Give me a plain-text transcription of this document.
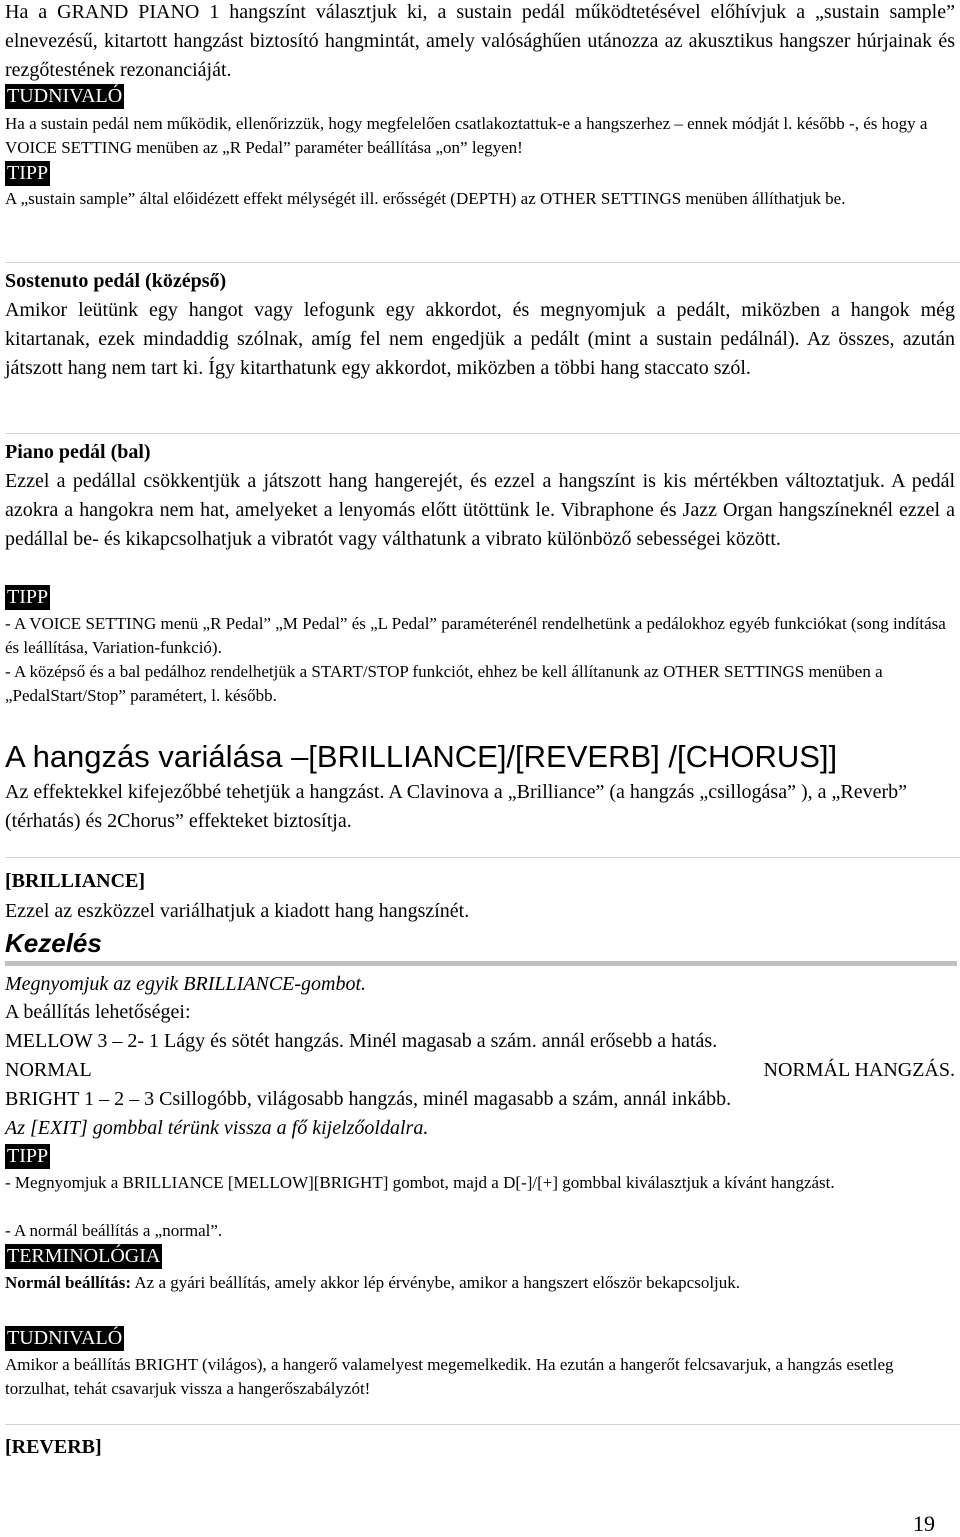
Ha a GRAND PIANO 1 hangszínt választjuk ki, a sustain pedál működtetésével előhívjuk a „sustain sample” elnevezésű, kitartott hangzást biztosító hangmintát, amely valósághűen utánozza az akusztikus hangszer húrjainak és rezgőtestének rezonanciáját.
TUDNIVALÓ
Ha a sustain pedál nem működik, ellenőrizzük, hogy megfelelően csatlakoztattuk-e a hangszerhez – ennek módját l. később -, és hogy a VOICE SETTING menüben az „R Pedal” paraméter beállítása „on” legyen!
TIPP
A „sustain sample” által előidézett effekt mélységét ill. erősségét (DEPTH) az OTHER SETTINGS menüben állíthatjuk be.
Sostenuto pedál (középső)
Amikor leütünk egy hangot vagy lefogunk egy akkordot, és megnyomjuk a pedált, miközben a hangok még kitartanak, ezek mindaddig szólnak, amíg fel nem engedjük a pedált (mint a sustain pedálnál). Az összes, azután játszott hang nem tart ki. Így kitarthatunk egy akkordot, miközben a többi hang staccato szól.
Piano pedál (bal)
Ezzel a pedállal csökkentjük a játszott hang hangerejét, és ezzel a hangszínt is kis mértékben változtatjuk. A pedál azokra a hangokra nem hat, amelyeket a lenyomás előtt ütöttünk le. Vibraphone és Jazz Organ hangszíneknél ezzel a pedállal be- és kikapcsolhatjuk a vibratót vagy válthatunk a vibrato különböző sebességei között.
TIPP
- A VOICE SETTING menü „R Pedal” „M Pedal” és „L Pedal” paraméterénél rendelhetünk a pedálokhoz egyéb funkciókat (song indítása és leállítása, Variation-funkció).
- A középső és a bal pedálhoz rendelhetjük a START/STOP funkciót, ehhez be kell állítanunk az OTHER SETTINGS menüben a „PedalStart/Stop” paramétert, l. később.
A hangzás variálása –[BRILLIANCE]/[REVERB] /[CHORUS]]
Az effektekkel kifejezőbbé tehetjük a hangzást. A Clavinova a „Brilliance” (a hangzás „csillogása” ), a „Reverb” (térhatás) és 2Chorus” effekteket biztosítja.
[BRILLIANCE]
Ezzel az eszközzel variálhatjuk a kiadott hang hangszínét.
Kezelés
Megnyomjuk az egyik BRILLIANCE-gombot.
A beállítás lehetőségei:
MELLOW 3 – 2- 1 Lágy és sötét hangzás. Minél magasab a szám. annál erősebb a hatás.
NORMAL	NORMÁL HANGZÁS.
BRIGHT 1 – 2 – 3 Csillogóbb, világosabb hangzás, minél magasabb a szám, annál inkább.
Az [EXIT] gombbal térünk vissza a fő kijelzőoldalra.
TIPP
- Megnyomjuk a BRILLIANCE [MELLOW][BRIGHT] gombot, majd a D[-]/[+] gombbal kiválasztjuk a kívánt hangzást.
- A normál beállítás a „normal”.
TERMINOLÓGIA
Normál beállítás: Az a gyári beállítás, amely akkor lép érvénybe, amikor a hangszert először bekapcsoljuk.
TUDNIVALÓ
Amikor a beállítás BRIGHT (világos), a hangerő valamelyest megemelkedik. Ha ezután a hangerőt felcsavarjuk, a hangzás esetleg torzulhat, tehát csavarjuk vissza a hangerőszabályzót!
[REVERB]
19
